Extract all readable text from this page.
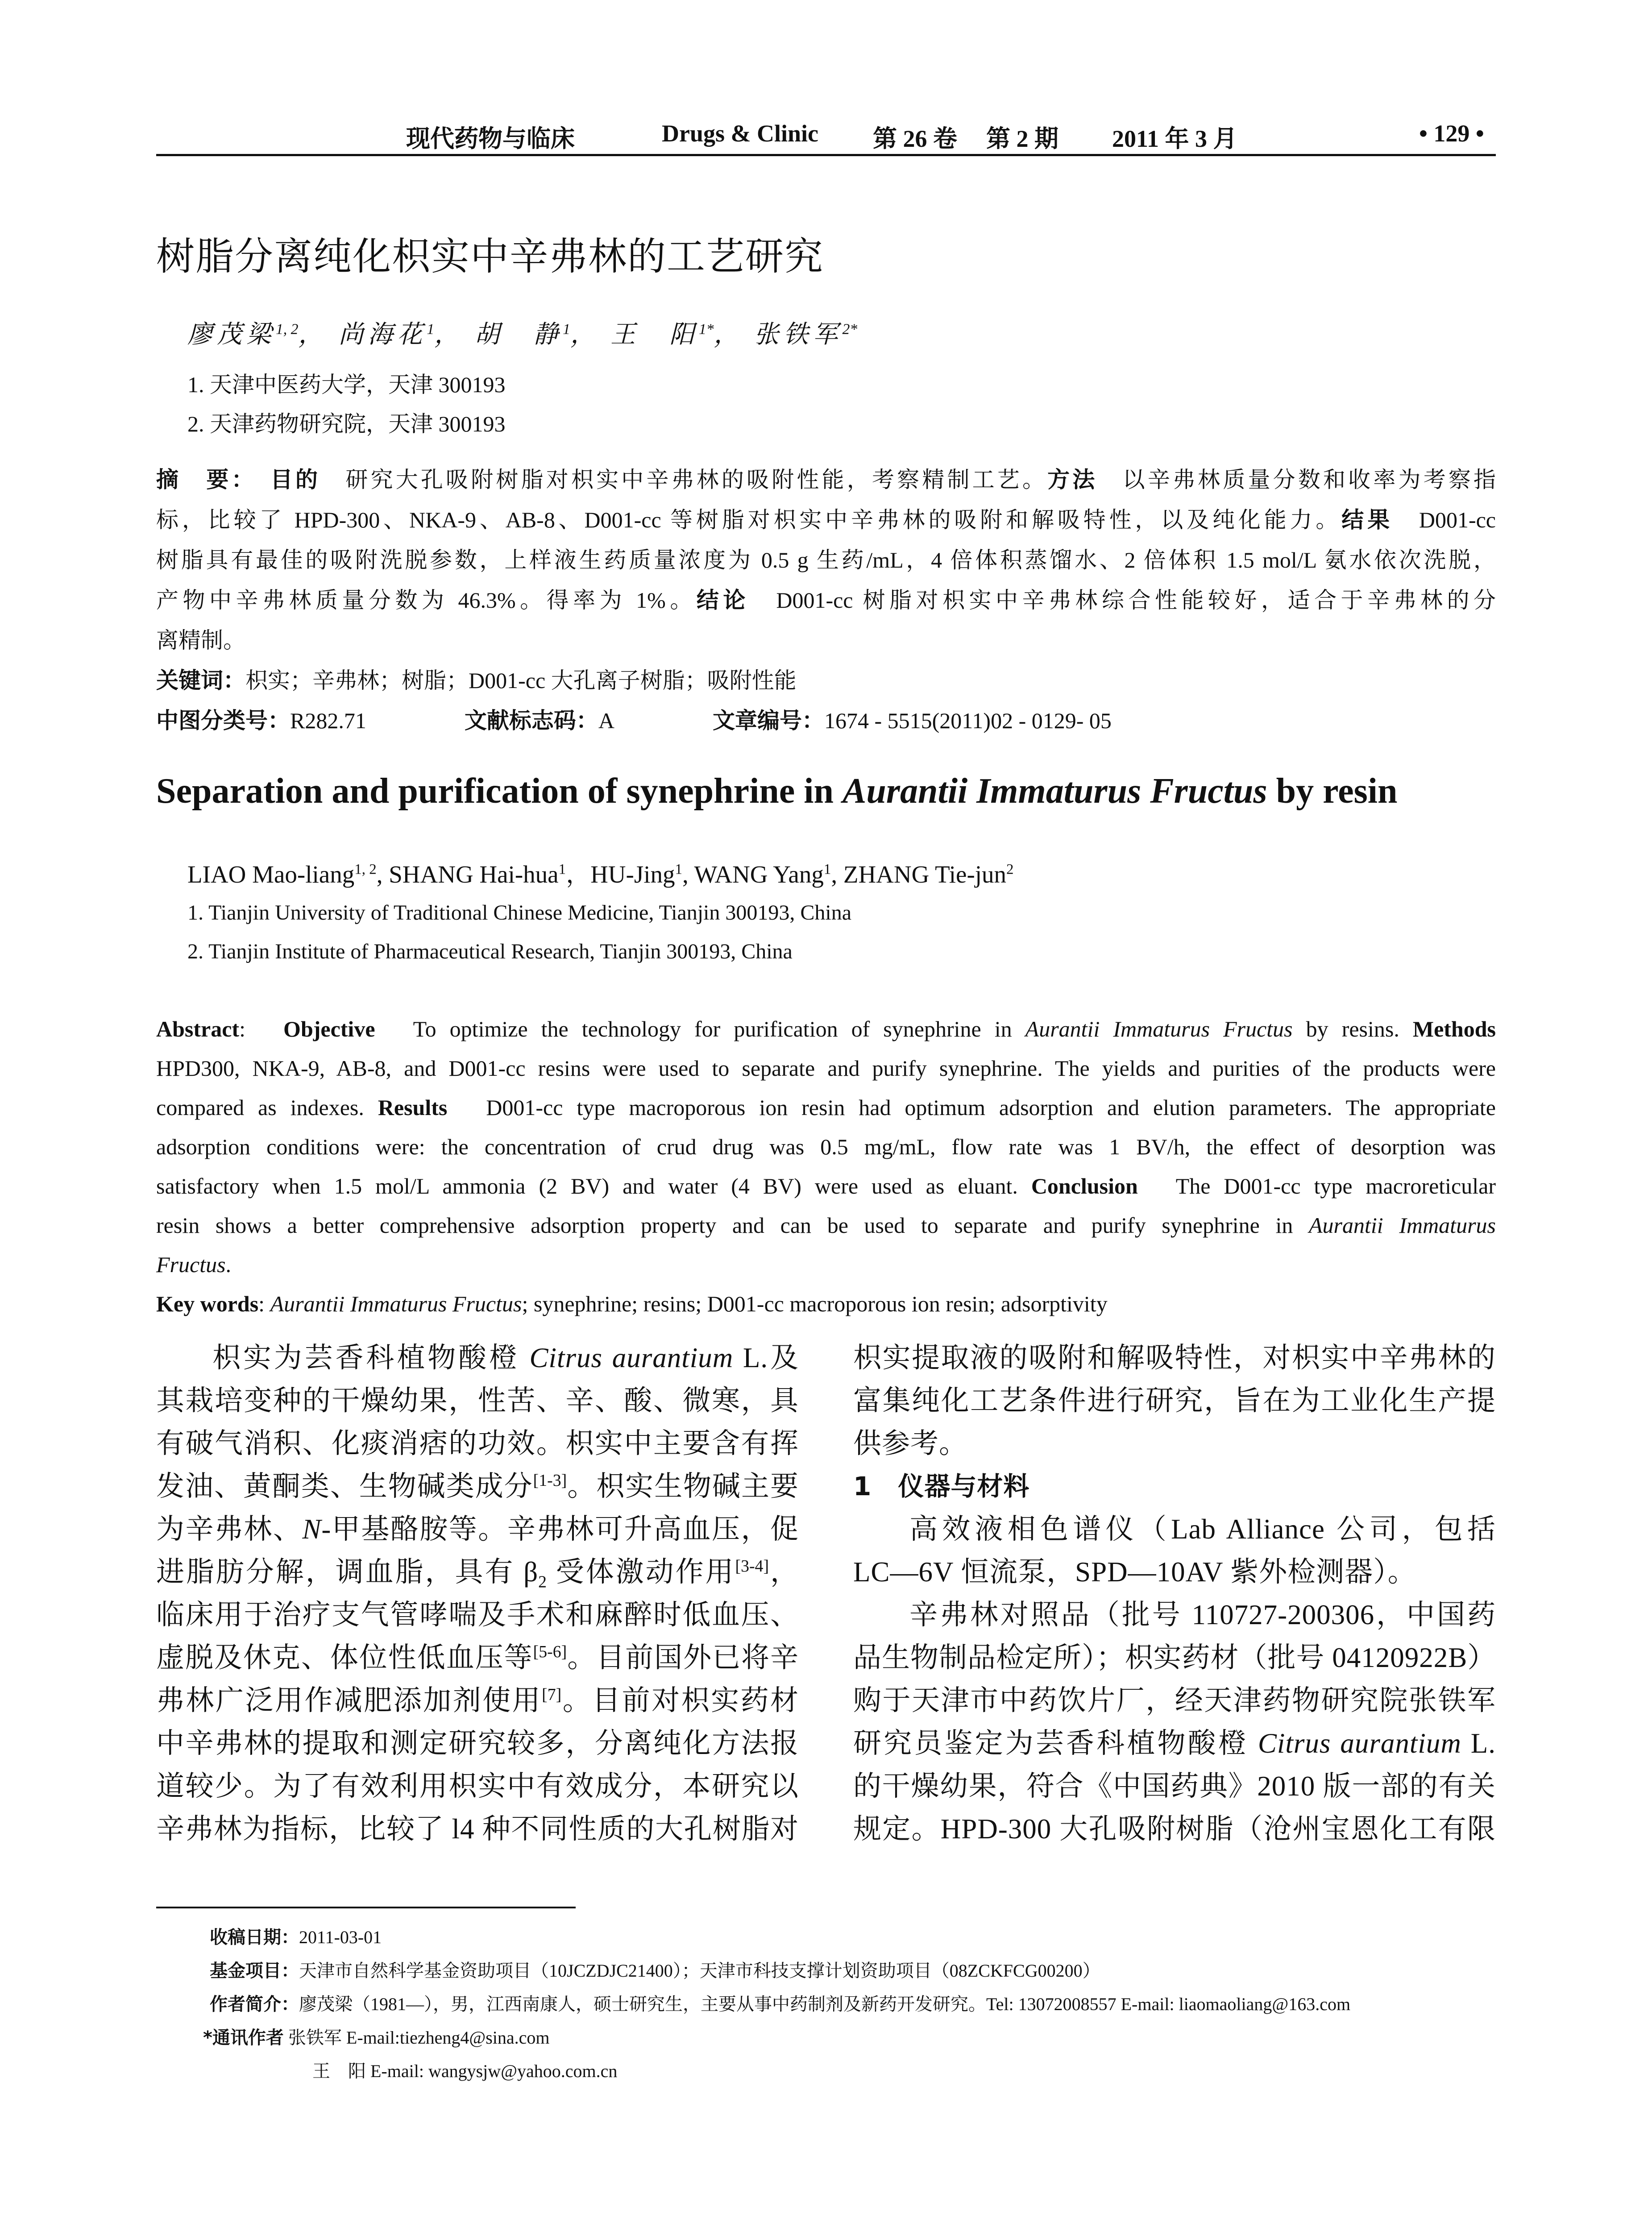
现代药物与临床	Drugs & Clinic 第 26 卷 第 2 期 2011 年 3 月	• 129 •
树脂分离纯化枳实中辛弗林的工艺研究
廖茂梁$^{1, 2}$， 尚海花$^1$， 胡　静$^1$， 王　阳$^{1*}$， 张铁军$^{2*}$
1. 天津中医药大学，天津 300193
2. 天津药物研究院，天津 300193
摘　要：　 目的　 研究大孔吸附树脂对枳实中辛弗林的吸附性能，考察精制工艺。方法　 以辛弗林质量分数和收率为考察指
标，比较了 HPD-300、NKA-9、AB-8、D001-cc 等树脂对枳实中辛弗林的吸附和解吸特性，以及纯化能力。结果　 D001-cc
树脂具有最佳的吸附洗脱参数，上样液生药质量浓度为 0.5 g 生药/mL，4 倍体积蒸馏水、2 倍体积 1.5 mol/L 氨水依次洗脱，
产物中辛弗林质量分数为 46.3%。得率为 1%。结论　 D001-cc 树脂对枳实中辛弗林综合性能较好，适合于辛弗林的分
离精制。
关键词：枳实；辛弗林；树脂；D001-cc 大孔离子树脂；吸附性能
中图分类号：R282.71	文献标志码：A	文章编号：1674 - 5515(2011)02 - 0129- 05
Separation and purification of synephrine in Aurantii Immaturus Fructus by resin
LIAO Mao-liang$^{1, 2}$, SHANG Hai-hua$^1$，HU-Jing$^1$, WANG Yang$^1$, ZHANG Tie-jun$^2$
1. Tianjin University of Traditional Chinese Medicine, Tianjin 300193, China
2. Tianjin Institute of Pharmaceutical Research, Tianjin 300193, China
Abstract:　 Objective　 To optimize the technology for purification of synephrine in Aurantii Immaturus Fructus by resins. Methods
HPD300, NKA-9, AB-8, and D001-cc resins were used to separate and purify synephrine. The yields and purities of the products were
compared as indexes. Results　 D001-cc type macroporous ion resin had optimum adsorption and elution parameters. The appropriate
adsorption conditions were: the concentration of crud drug was 0.5 mg/mL, flow rate was 1 BV/h, the effect of desorption was
satisfactory when 1.5 mol/L ammonia (2 BV) and water (4 BV) were used as eluant. Conclusion　 The D001-cc type macroreticular
resin shows a better comprehensive adsorption property and can be used to separate and purify synephrine in Aurantii Immaturus
Fructus.
Key words: Aurantii Immaturus Fructus; synephrine; resins; D001-cc macroporous ion resin; adsorptivity
枳实为芸香科植物酸橙 Citrus aurantium L.及
其栽培变种的干燥幼果，性苦、辛、酸、微寒，具
有破气消积、化痰消痞的功效。枳实中主要含有挥
发油、黄酮类、生物碱类成分[1-3]。枳实生物碱主要
为辛弗林、N-甲基酪胺等。辛弗林可升高血压，促
进脂肪分解，调血脂，具有 $\beta_2$ 受体激动作用[3-4]，
临床用于治疗支气管哮喘及手术和麻醉时低血压、
虚脱及休克、体位性低血压等[5-6]。目前国外已将辛
弗林广泛用作减肥添加剂使用[7]。目前对枳实药材
中辛弗林的提取和测定研究较多，分离纯化方法报
道较少。为了有效利用枳实中有效成分，本研究以
辛弗林为指标，比较了 l4 种不同性质的大孔树脂对
枳实提取液的吸附和解吸特性，对枳实中辛弗林的
富集纯化工艺条件进行研究，旨在为工业化生产提
供参考。
1　仪器与材料
高效液相色谱仪（Lab Alliance 公司，包括
LC—6V 恒流泵，SPD—10AV 紫外检测器）。
辛弗林对照品（批号 110727-200306，中国药
品生物制品检定所）；枳实药材（批号 04120922B）
购于天津市中药饮片厂，经天津药物研究院张铁军
研究员鉴定为芸香科植物酸橙 Citrus aurantium L.
的干燥幼果，符合《中国药典》2010 版一部的有关
规定。HPD-300 大孔吸附树脂（沧州宝恩化工有限
收稿日期：2011-03-01
基金项目：天津市自然科学基金资助项目（10JCZDJC21400）；天津市科技支撑计划资助项目（08ZCKFCG00200）
作者简介：廖茂梁（1981—），男，江西南康人，硕士研究生，主要从事中药制剂及新药开发研究。Tel: 13072008557 E-mail: liaomaoliang@163.com
*通讯作者 张铁军 E-mail:tiezheng4@sina.com
王　阳 E-mail: wangysjw@yahoo.com.cn
